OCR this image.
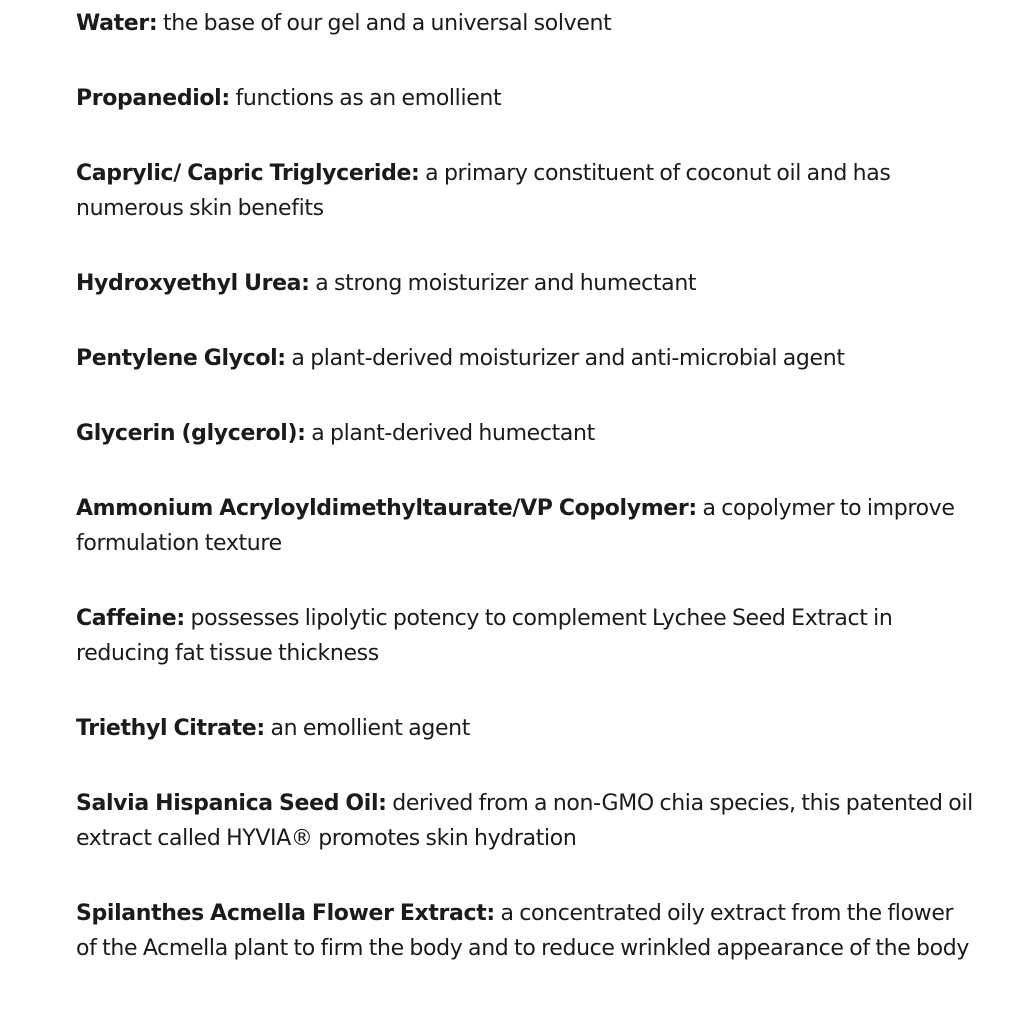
Water: the base of our gel and a universal solvent
Propanediol: functions as an emollient
Caprylic/ Capric Triglyceride: a primary constituent of coconut oil and has numerous skin benefits
Hydroxyethyl Urea: a strong moisturizer and humectant
Pentylene Glycol: a plant-derived moisturizer and anti-microbial agent
Glycerin (glycerol): a plant-derived humectant
Ammonium Acryloyldimethyltaurate/VP Copolymer: a copolymer to improve formulation texture
Caffeine: possesses lipolytic potency to complement Lychee Seed Extract in reducing fat tissue thickness
Triethyl Citrate: an emollient agent
Salvia Hispanica Seed Oil: derived from a non-GMO chia species, this patented oil extract called HYVIA® promotes skin hydration
Spilanthes Acmella Flower Extract: a concentrated oily extract from the flower of the Acmella plant to firm the body and to reduce wrinkled appearance of the body
